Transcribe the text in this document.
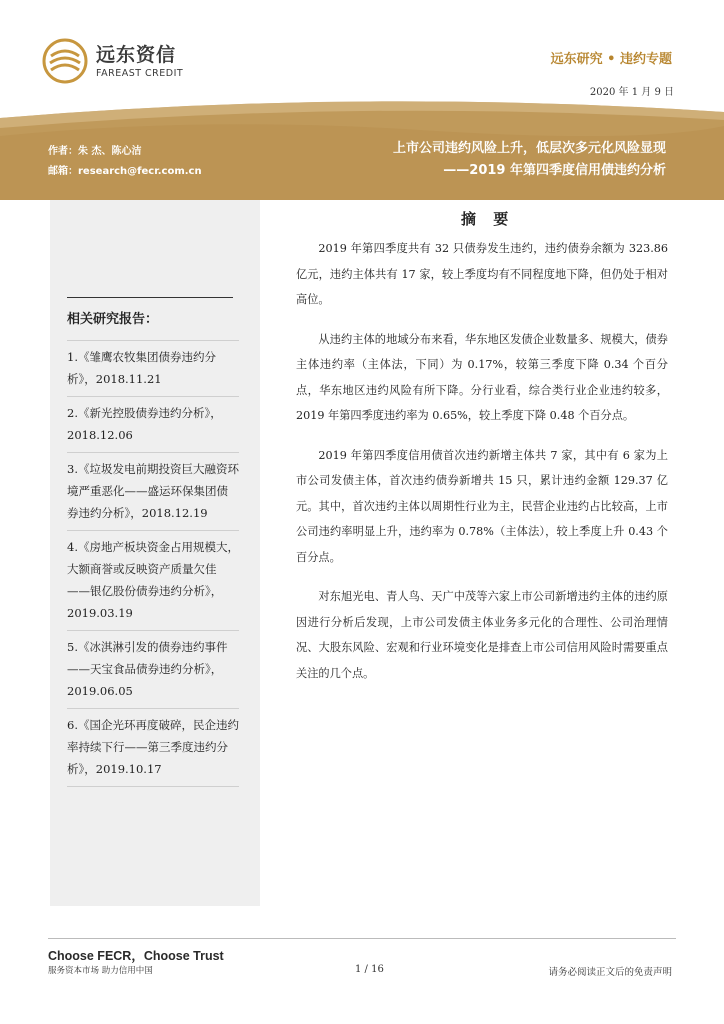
远东资信
FAREAST CREDIT
远东研究 • 违约专题
2020 年 1 月 9 日
作者：朱 杰、陈心洁
邮箱：research@fecr.com.cn
上市公司违约风险上升，低层次多元化风险显现
——2019 年第四季度信用债违约分析
相关研究报告：
1.《雏鹰农牧集团债券违约分析》，2018.11.21
2.《新光控股债券违约分析》，2018.12.06
3.《垃圾发电前期投资巨大融资环境严重恶化——盛运环保集团债券违约分析》，2018.12.19
4.《房地产板块资金占用规模大，大额商誉或反映资产质量欠佳——银亿股份债券违约分析》，2019.03.19
5.《冰淇淋引发的债券违约事件——天宝食品债券违约分析》，2019.06.05
6.《国企光环再度破碎，民企违约率持续下行——第三季度违约分析》，2019.10.17
摘 要

2019 年第四季度共有 32 只债券发生违约，违约债券余额为 323.86 亿元，违约主体共有 17 家，较上季度均有不同程度地下降，但仍处于相对高位。

从违约主体的地域分布来看，华东地区发债企业数量多、规模大，债券主体违约率（主体法，下同）为 0.17%，较第三季度下降 0.34 个百分点，华东地区违约风险有所下降。分行业看，综合类行业企业违约较多，2019 年第四季度违约率为 0.65%，较上季度下降 0.48 个百分点。

2019 年第四季度信用债首次违约新增主体共 7 家，其中有 6 家为上市公司发债主体，首次违约债券新增共 15 只，累计违约金额 129.37 亿元。其中，首次违约主体以周期性行业为主，民营企业违约占比较高，上市公司违约率明显上升，违约率为 0.78%（主体法），较上季度上升 0.43 个百分点。

对东旭光电、青人鸟、天广中茂等六家上市公司新增违约主体的违约原因进行分析后发现，上市公司发债主体业务多元化的合理性、公司治理情况、大股东风险、宏观和行业环境变化是排查上市公司信用风险时需要重点关注的几个点。

Choose FECR，Choose Trust
服务资本市场 助力信用中国	1 / 16	请务必阅读正文后的免责声明
